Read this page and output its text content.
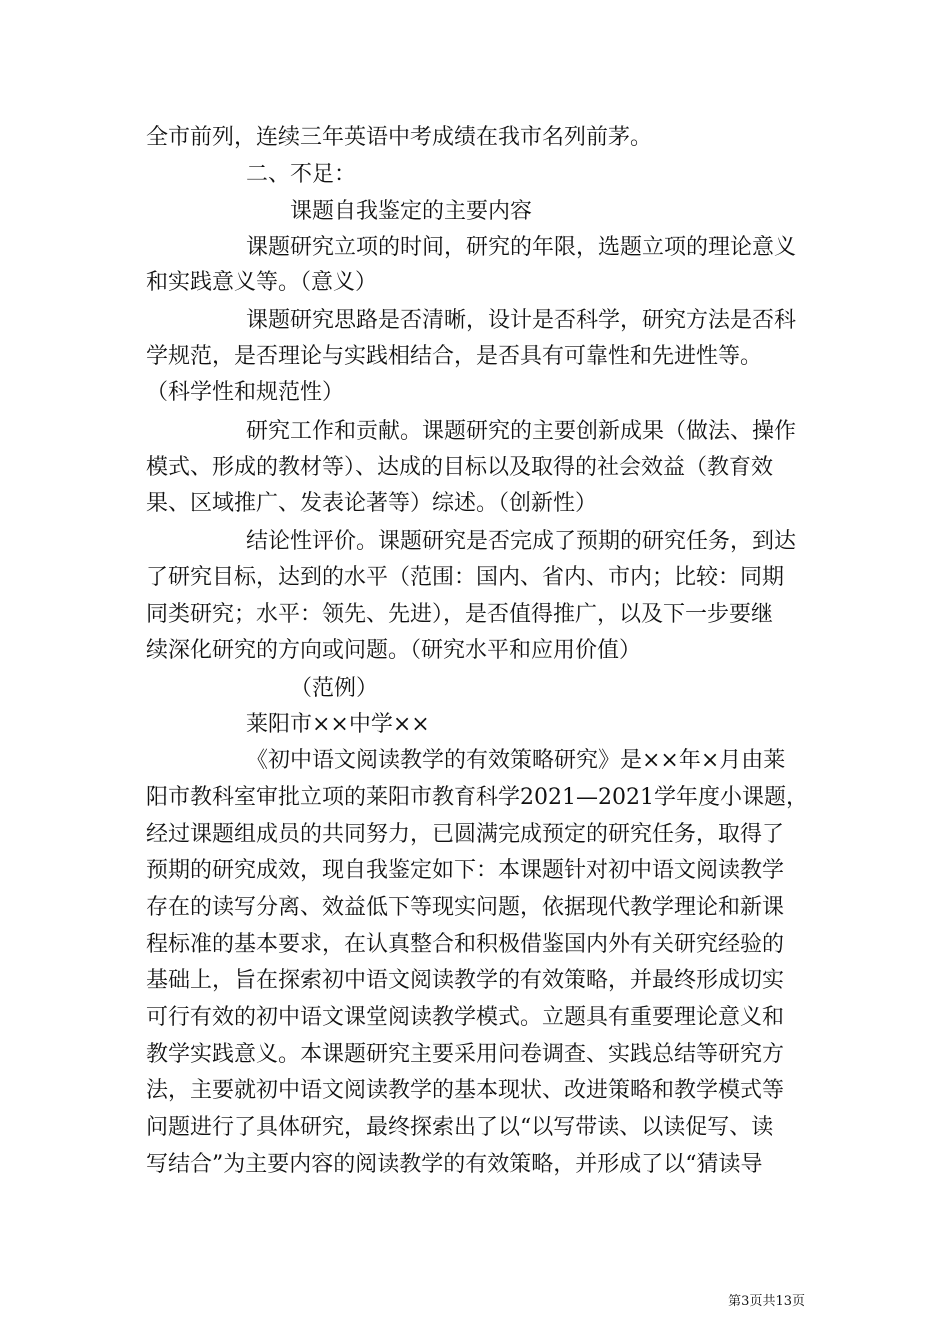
全市前列，连续三年英语中考成绩在我市名列前茅。
二、不足：
课题自我鉴定的主要内容
课题研究立项的时间，研究的年限，选题立项的理论意义
和实践意义等。（意义）
课题研究思路是否清晰，设计是否科学，研究方法是否科
学规范，是否理论与实践相结合，是否具有可靠性和先进性等。
（科学性和规范性）
研究工作和贡献。课题研究的主要创新成果（做法、操作
模式、形成的教材等）、达成的目标以及取得的社会效益（教育效
果、区域推广、发表论著等）综述。（创新性）
结论性评价。课题研究是否完成了预期的研究任务，到达
了研究目标，达到的水平（范围：国内、省内、市内；比较：同期
同类研究；水平：领先、先进），是否值得推广，以及下一步要继
续深化研究的方向或问题。（研究水平和应用价值）
（范例）
莱阳市××中学××
《初中语文阅读教学的有效策略研究》是××年×月由莱
阳市教科室审批立项的莱阳市教育科学2021—2021学年度小课题，
经过课题组成员的共同努力，已圆满完成预定的研究任务，取得了
预期的研究成效，现自我鉴定如下：本课题针对初中语文阅读教学
存在的读写分离、效益低下等现实问题，依据现代教学理论和新课
程标准的基本要求，在认真整合和积极借鉴国内外有关研究经验的
基础上，旨在探索初中语文阅读教学的有效策略，并最终形成切实
可行有效的初中语文课堂阅读教学模式。立题具有重要理论意义和
教学实践意义。本课题研究主要采用问卷调查、实践总结等研究方
法，主要就初中语文阅读教学的基本现状、改进策略和教学模式等
问题进行了具体研究，最终探索出了以“以写带读、以读促写、读
写结合”为主要内容的阅读教学的有效策略，并形成了以“猜读导
第3页共13页
